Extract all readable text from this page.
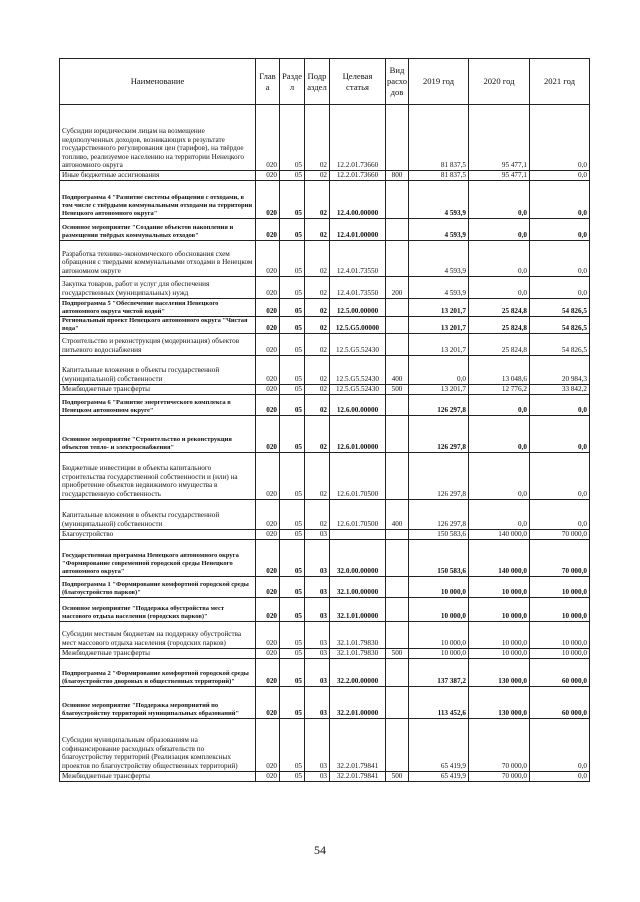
Наименование	Глав а	Разде л	Подр аздел	Целевая статья	Вид расхо дов	2019 год	2020 год	2021 год
Субсидии юридическим лицам на возмещение недополученных доходов, возникающих в результате государственного регулирования цен (тарифов), на твёрдое топливо, реализуемое населению на территории Ненецкого автономного округа	020	05	02	12.2.01.73660		81 837,5	95 477,1	0,0
Иные бюджетные ассигнования	020	05	02	12.2.01.73660	800	81 837,5	95 477,1	0,0
Подпрограмма 4 "Развитие системы обращения с отходами, в том числе с твёрдыми коммунальными отходами на территории Ненецкого автономного округа"	020	05	02	12.4.00.00000		4 593,9	0,0	0,0
Основное мероприятие "Создание объектов накопления и размещения твёрдых коммунальных отходов"	020	05	02	12.4.01.00000		4 593,9	0,0	0,0
Разработка технико-экономического обоснования схем обращения с твердыми коммунальными отходами в Ненецком автономном округе	020	05	02	12.4.01.73550		4 593,9	0,0	0,0
Закупка товаров, работ и услуг для обеспечения государственных (муниципальных) нужд	020	05	02	12.4.01.73550	200	4 593,9	0,0	0,0
Подпрограмма 5 "Обеспечение населения Ненецкого автономного округа чистой водой"	020	05	02	12.5.00.00000		13 201,7	25 824,8	54 826,5
Региональный проект Ненецкого автономного округа "Чистая вода"	020	05	02	12.5.G5.00000		13 201,7	25 824,8	54 826,5
Строительство и реконструкция (модернизация) объектов питьевого водоснабжения	020	05	02	12.5.G5.52430		13 201,7	25 824,8	54 826,5
Капитальные вложения в объекты государственной (муниципальной) собственности	020	05	02	12.5.G5.52430	400	0,0	13 048,6	20 984,3
Межбюджетные трансферты	020	05	02	12.5.G5.52430	500	13 201,7	12 776,2	33 842,2
Подпрограмма 6 "Развитие энергетического комплекса в Ненецком автономном округе"	020	05	02	12.6.00.00000		126 297,8	0,0	0,0
Основное мероприятие "Строительство и реконструкция объектов тепло- и электроснабжения"	020	05	02	12.6.01.00000		126 297,8	0,0	0,0
Бюджетные инвестиции в объекты капитального строительства государственной собственности и (или) на приобретение объектов недвижимого имущества в государственную собственность	020	05	02	12.6.01.70500		126 297,8	0,0	0,0
Капитальные вложения в объекты государственной (муниципальной) собственности	020	05	02	12.6.01.70500	400	126 297,8	0,0	0,0
Благоустройство	020	05	03			150 583,6	140 000,0	70 000,0
Государственная программа Ненецкого автономного округа "Формирование современной городской среды Ненецкого автономного округа"	020	05	03	32.0.00.00000		150 583,6	140 000,0	70 000,0
Подпрограмма 1 "Формирование комфортной городской среды (благоустройство парков)"	020	05	03	32.1.00.00000		10 000,0	10 000,0	10 000,0
Основное мероприятие "Поддержка обустройства мест массового отдыха населения (городских парков)"	020	05	03	32.1.01.00000		10 000,0	10 000,0	10 000,0
Субсидии местным бюджетам на поддержку обустройства мест массового отдыха населения (городских парков)	020	05	03	32.1.01.79830		10 000,0	10 000,0	10 000,0
Межбюджетные трансферты	020	05	03	32.1.01.79830	500	10 000,0	10 000,0	10 000,0
Подпрограмма 2 "Формирование комфортной городской среды (благоустройство дворовых и общественных территорий)"	020	05	03	32.2.00.00000		137 387,2	130 000,0	60 000,0
Основное мероприятие "Поддержка мероприятий по благоустройству территорий муниципальных образований"	020	05	03	32.2.01.00000		113 452,6	130 000,0	60 000,0
Субсидии муниципальным образованиям на софинансирование расходных обязательств по благоустройству территорий (Реализация комплексных проектов по благоустройству общественных территорий)	020	05	03	32.2.01.79841		65 419,9	70 000,0	0,0
Межбюджетные трансферты	020	05	03	32.2.01.79841	500	65 419,9	70 000,0	0,0
54
